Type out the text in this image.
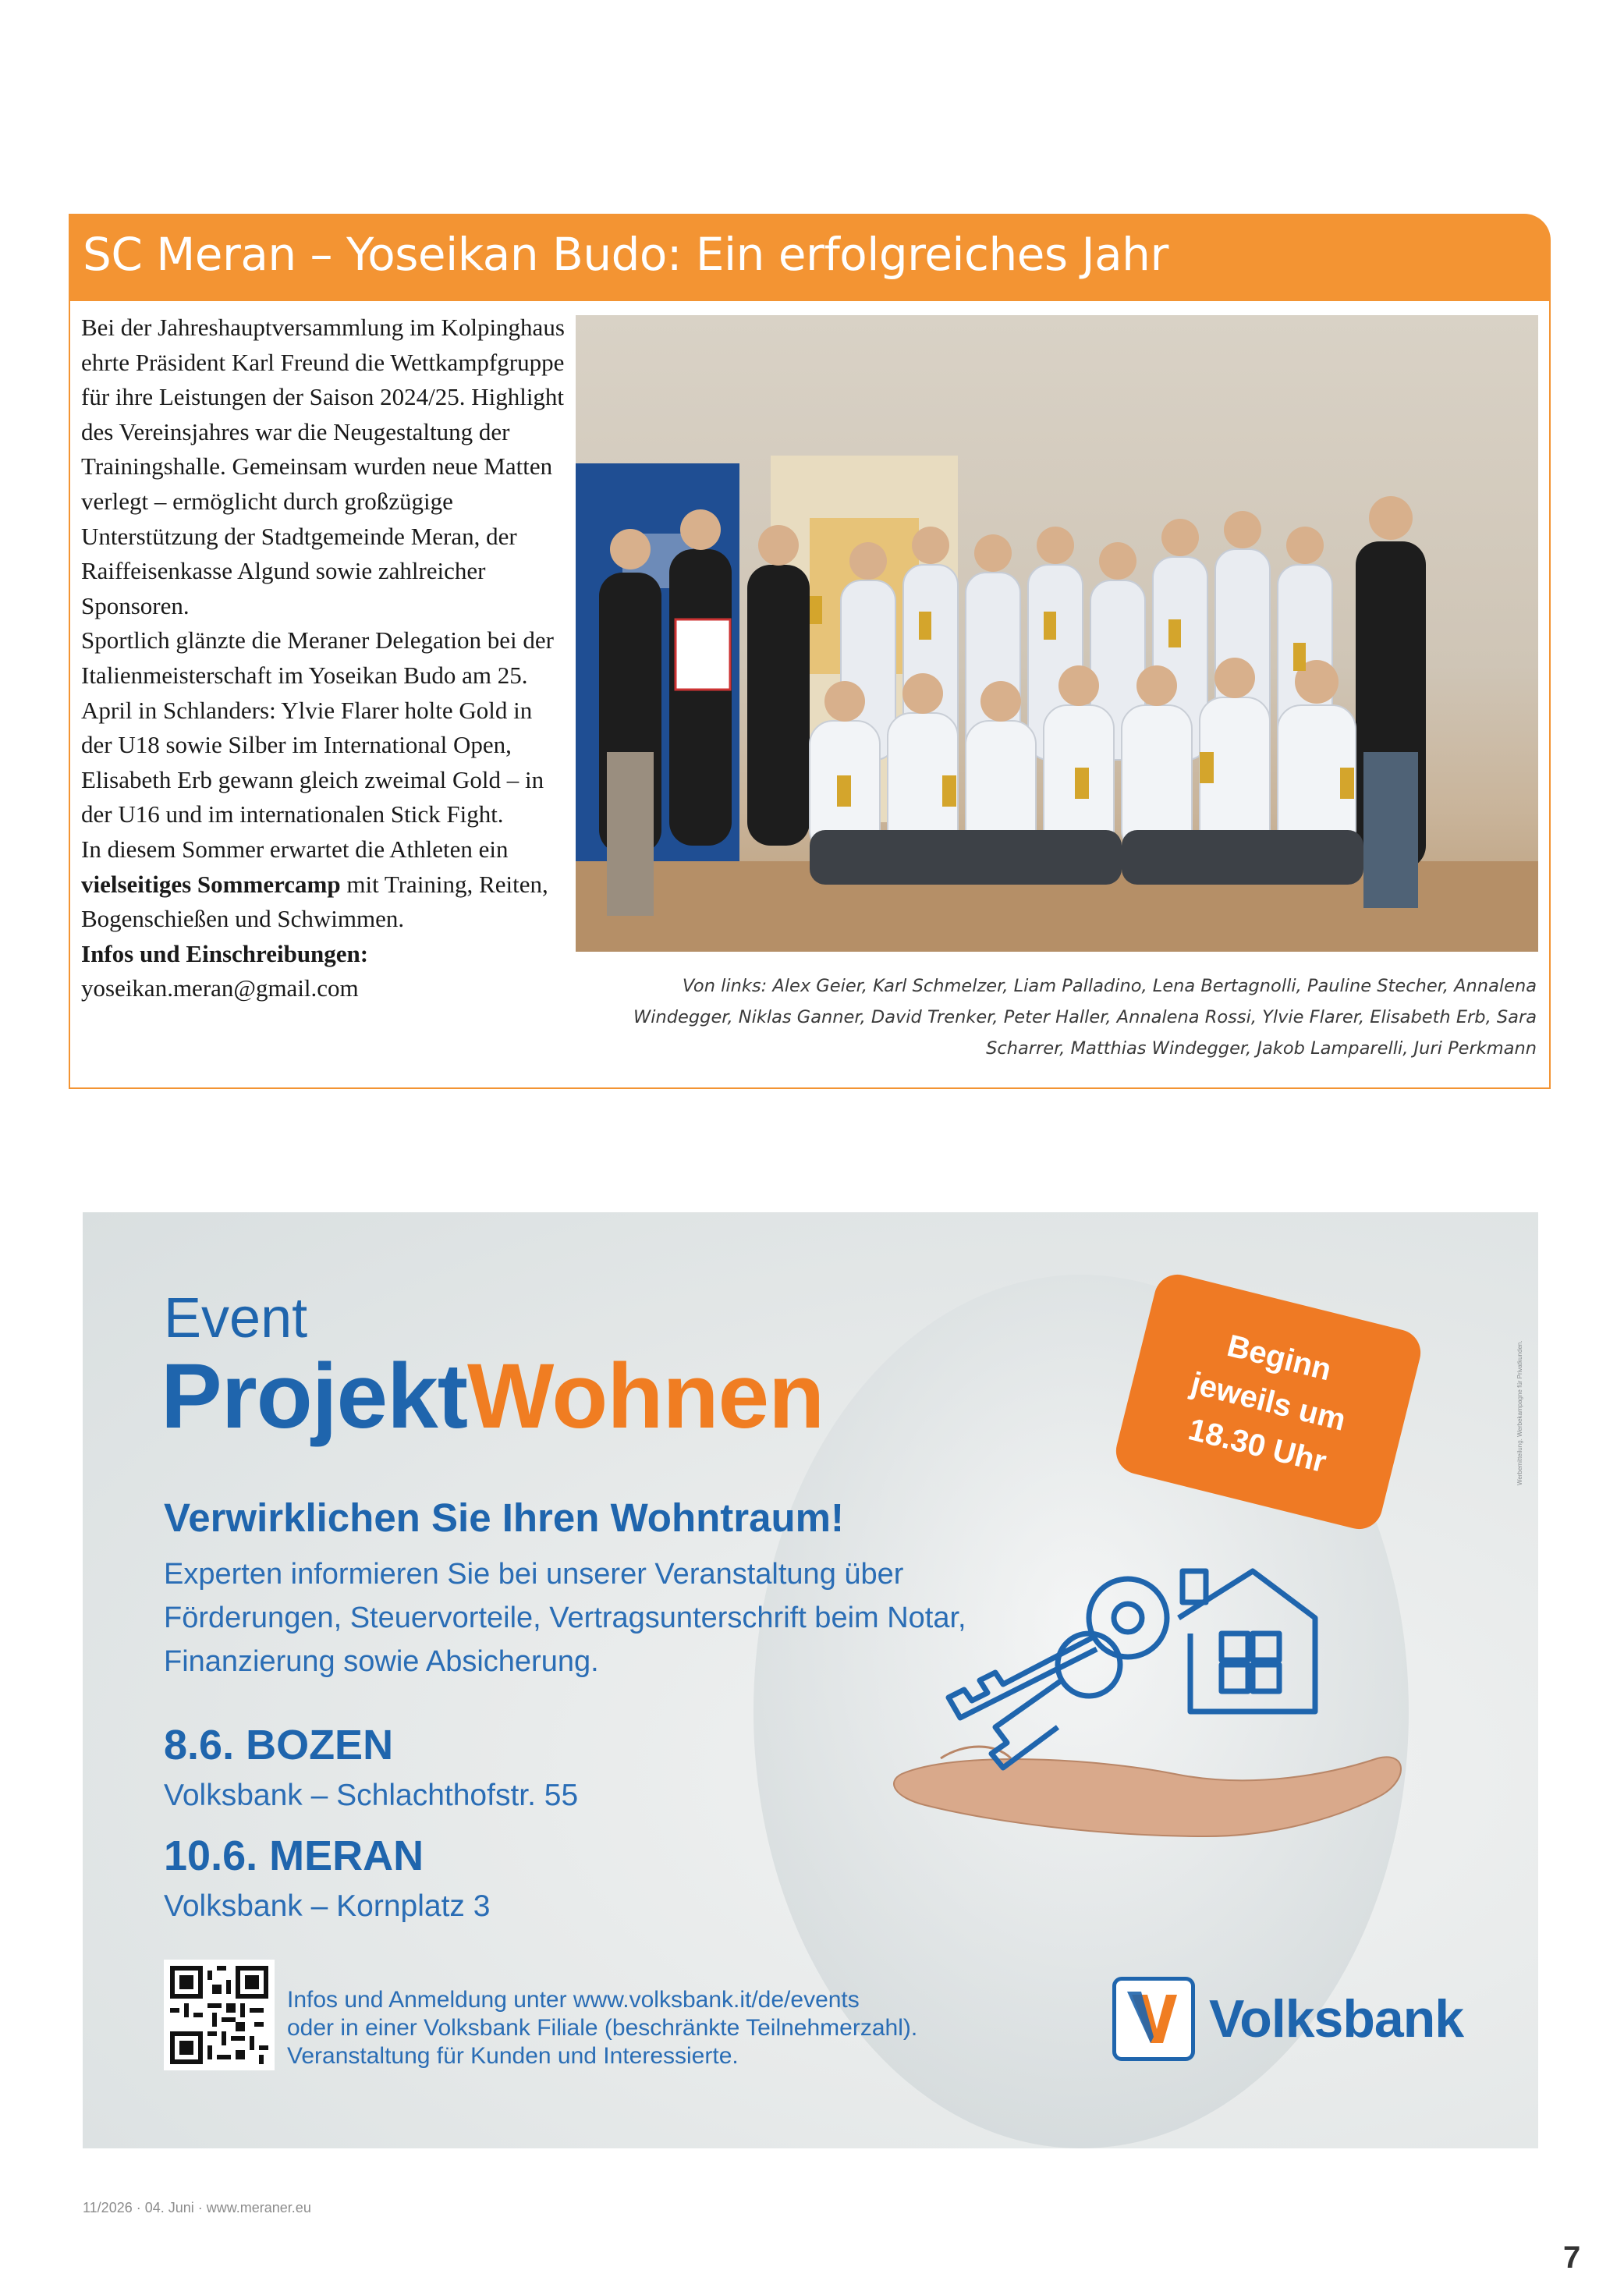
SC Meran – Yoseikan Budo: Ein erfolgreiches Jahr

Bei der Jahreshauptversammlung im Kolpinghaus ehrte Präsident Karl Freund die Wettkampfgruppe für ihre Leistungen der Saison 2024/25. Highlight des Vereinsjahres war die Neugestaltung der Trainingshalle. Gemeinsam wurden neue Matten verlegt – ermöglicht durch großzügige Unterstützung der Stadtgemeinde Meran, der Raiffeisenkasse Algund sowie zahlreicher Sponsoren.

Sportlich glänzte die Meraner Delegation bei der Italienmeisterschaft im Yoseikan Budo am 25. April in Schlanders: Ylvie Flarer holte Gold in der U18 sowie Silber im International Open, Elisabeth Erb gewann gleich zweimal Gold – in der U16 und im internationalen Stick Fight.

In diesem Sommer erwartet die Athleten ein vielseitiges Sommercamp mit Training, Reiten, Bogenschießen und Schwimmen.

Infos und Einschreibungen:

yoseikan.meran@gmail.com	Von links: Alex Geier, Karl Schmelzer, Liam Palladino, Lena Bertagnolli, Pauline Stecher, Annalena Windegger, Niklas Ganner, David Trenker, Peter Haller, Annalena Rossi, Ylvie Flarer, Elisabeth Erb, Sara Scharrer, Matthias Windegger, Jakob Lamparelli, Juri Perkmann
Event
ProjektWohnen
Verwirklichen Sie Ihren Wohntraum!
Experten informieren Sie bei unserer Veranstaltung über Förderungen, Steuervorteile, Vertragsunterschrift beim Notar, Finanzierung sowie Absicherung.
8.6. BOZEN
Volksbank – Schlachthofstr. 55
10.6. MERAN
Volksbank – Kornplatz 3
Infos und Anmeldung unter www.volksbank.it/de/events
oder in einer Volksbank Filiale (beschränkte Teilnehmerzahl).
Veranstaltung für Kunden und Interessierte.
Beginn
jeweils um
18.30 Uhr	Werbemitteilung. Werbekampagne für Privatkunden.
Volksbank
11/2026 · 04. Juni · www.meraner.eu
7
